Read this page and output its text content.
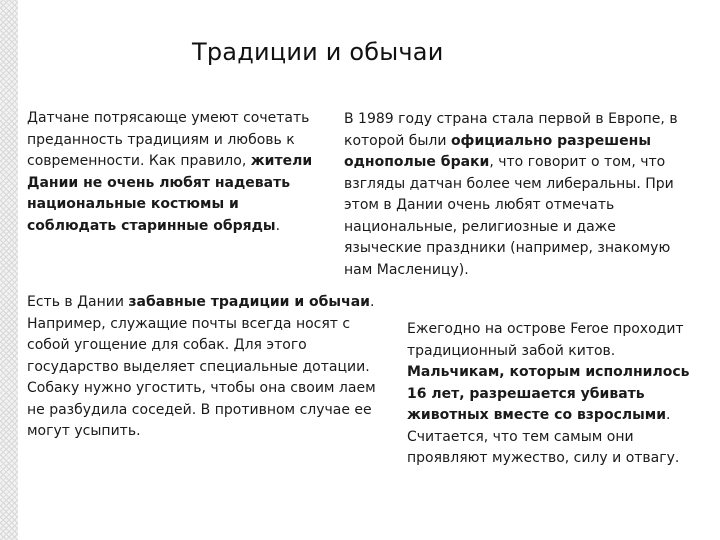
Традиции и обычаи

Датчане потрясающе умеют сочетать преданность традициям и любовь к современности. Как правило, жители Дании не очень любят надевать национальные костюмы и соблюдать старинные обряды.

В 1989 году страна стала первой в Европе, в которой были официально разрешены однополые браки, что говорит о том, что взгляды датчан более чем либеральны. При этом в Дании очень любят отмечать национальные, религиозные и даже языческие праздники (например, знакомую нам Масленицу).

Есть в Дании забавные традиции и обычаи. Например, служащие почты всегда носят с собой угощение для собак. Для этого государство выделяет специальные дотации. Собаку нужно угостить, чтобы она своим лаем не разбудила соседей. В противном случае ее могут усыпить.

Ежегодно на острове Feroe проходит традиционный забой китов. Мальчикам, которым исполнилось 16 лет, разрешается убивать животных вместе со взрослыми. Считается, что тем самым они проявляют мужество, силу и отвагу.
